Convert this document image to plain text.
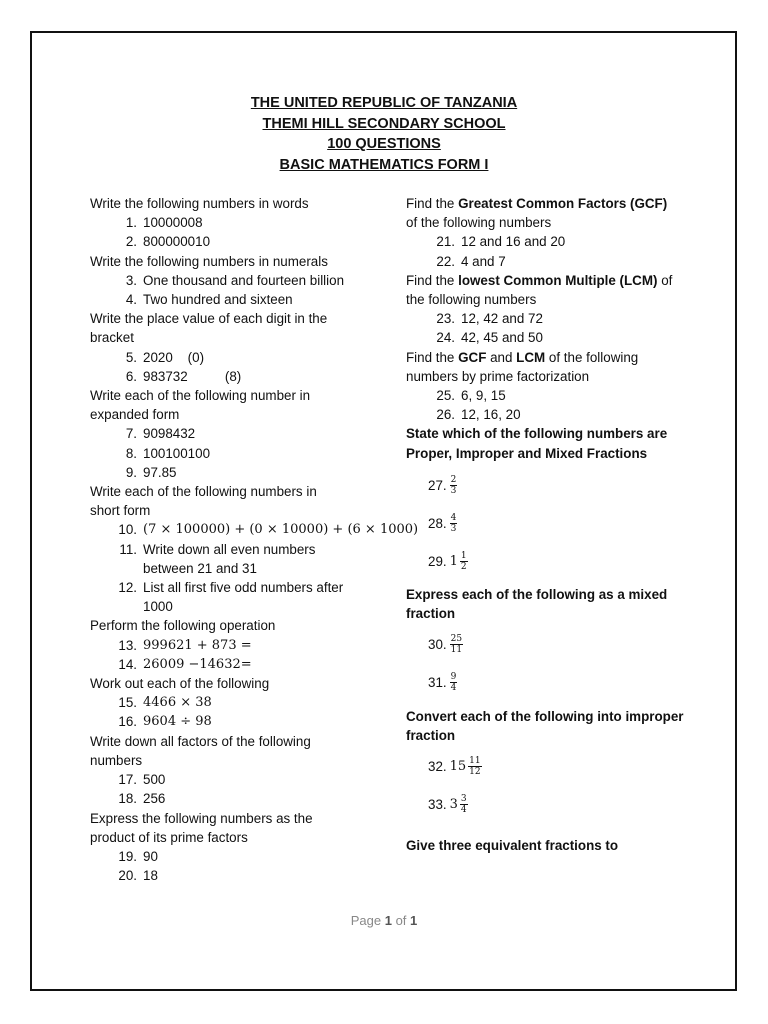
THE UNITED REPUBLIC OF TANZANIA
THEMI HILL SECONDARY SCHOOL
100 QUESTIONS
BASIC MATHEMATICS FORM I

Write the following numbers in words

1. 10000008
2. 800000010

Write the following numbers in numerals

3. One thousand and fourteen billion
4. Two hundred and sixteen

Write the place value of each digit in the

bracket

5. 2020    (0)
6. 983732          (8)

Write each of the following number in

expanded form

7. 9098432
8. 100100100
9. 97.85

Write each of the following numbers in

short form

10. (7 × 100000) + (0 × 10000) + (6 × 1000)
11. Write down all even numbers
between 21 and 31
12. List all first five odd numbers after
1000

Perform the following operation

13. 999621 + 873 =
14. 26009 −14632=

Work out each of the following

15. 4466 × 38
16. 9604 ÷ 98

Write down all factors of the following

numbers

17. 500
18. 256

Express the following numbers as the

product of its prime factors

19. 90
20. 18

Find the Greatest Common Factors (GCF)

of the following numbers

21. 12 and 16 and 20
22. 4 and 7

Find the lowest Common Multiple (LCM) of

the following numbers

23. 12, 42 and 72
24. 42, 45 and 50

Find the GCF and LCM of the following

numbers by prime factorization

25. 6, 9, 15
26. 12, 16, 20

State which of the following numbers are

Proper, Improper and Mixed Fractions

27. $\frac{2}{3}$
28. $\frac{4}{3}$
29. $1 \frac{1}{2}$

Express each of the following as a mixed

fraction

30. $\frac{25}{11}$
31. $\frac{9}{4}$

Convert each of the following into improper

fraction

32. $15 \frac{11}{12}$
33. $3 \frac{3}{4}$

Give three equivalent fractions to

Page 1 of 1
